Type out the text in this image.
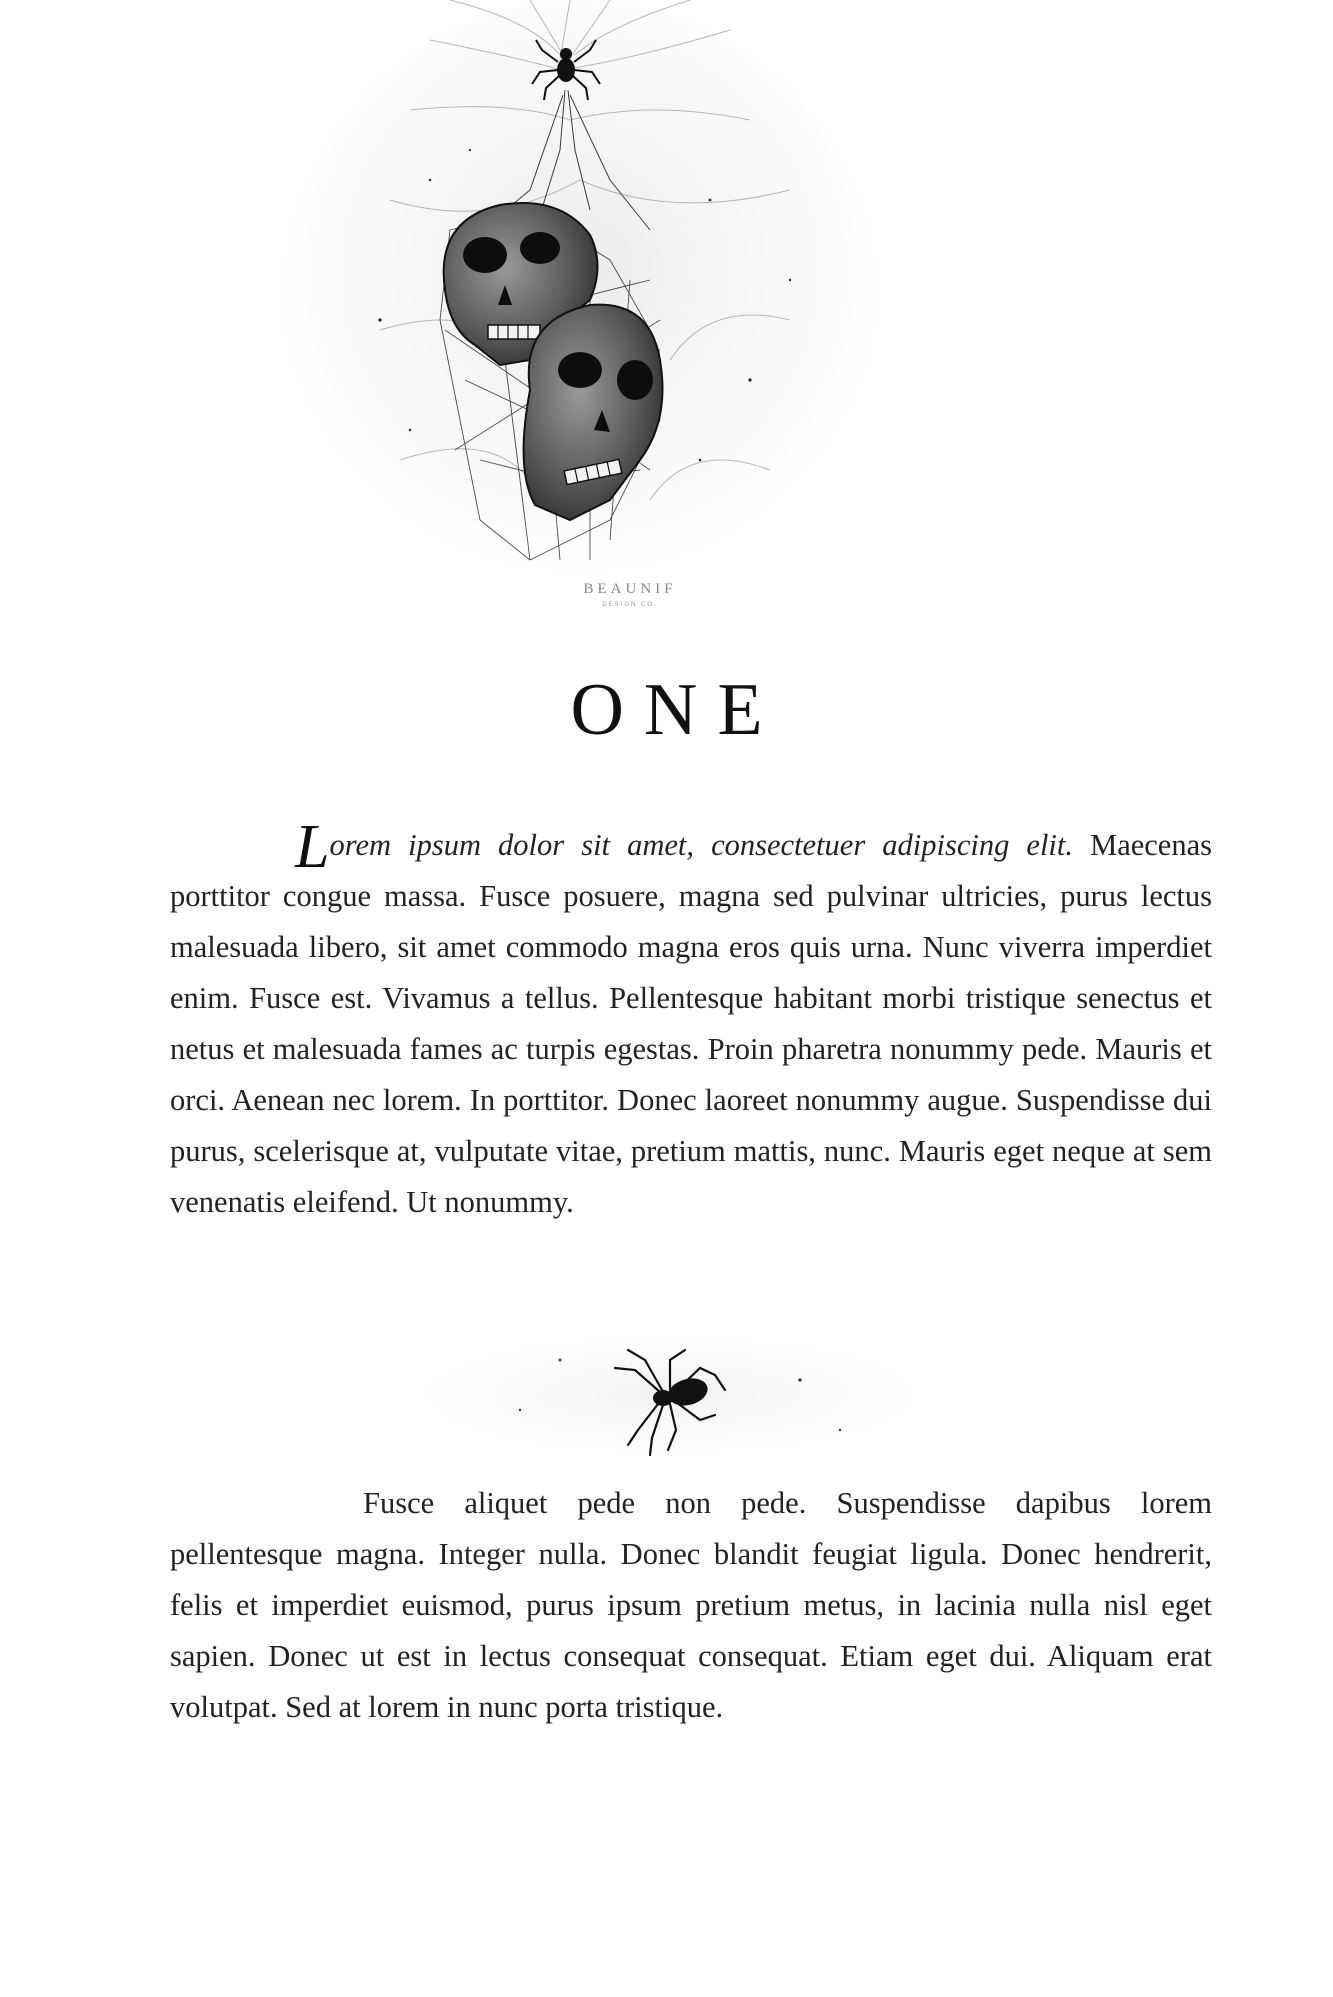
BEAUNIF
DESIGN CO.
ONE

Lorem ipsum dolor sit amet, consectetuer adipiscing elit. Maecenas porttitor congue massa. Fusce posuere, magna sed pulvinar ultricies, purus lectus malesuada libero, sit amet commodo magna eros quis urna. Nunc viverra imperdiet enim. Fusce est. Vivamus a tellus. Pellentesque habitant morbi tristique senectus et netus et malesuada fames ac turpis egestas. Proin pharetra nonummy pede. Mauris et orci. Aenean nec lorem. In porttitor. Donec laoreet nonummy augue. Suspendisse dui purus, scelerisque at, vulputate vitae, pretium mattis, nunc. Mauris eget neque at sem venenatis eleifend. Ut nonummy.

Fusce aliquet pede non pede. Suspendisse dapibus lorem pellentesque magna. Integer nulla. Donec blandit feugiat ligula. Donec hendrerit, felis et imperdiet euismod, purus ipsum pretium metus, in lacinia nulla nisl eget sapien. Donec ut est in lectus consequat consequat. Etiam eget dui. Aliquam erat volutpat. Sed at lorem in nunc porta tristique.
